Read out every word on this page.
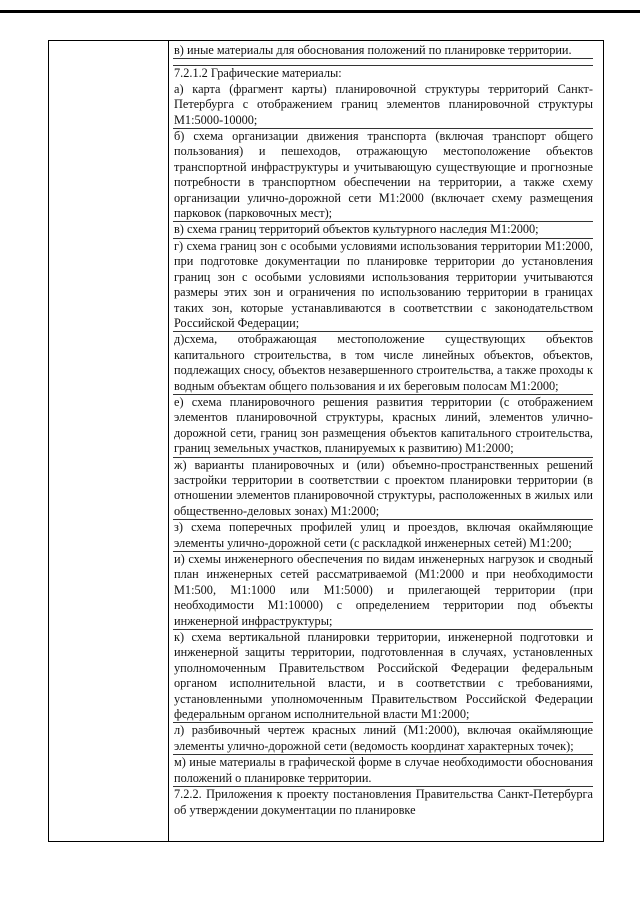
в) иные материалы для обоснования положений по планировке территории.

7.2.1.2 Графические материалы:

а) карта (фрагмент карты) планировочной структуры территорий Санкт-Петербурга с отображением границ элементов планировочной структуры М1:5000-10000;

б) схема организации движения транспорта (включая транспорт общего пользования) и пешеходов, отражающую местоположение объектов транспортной инфраструктуры и учитывающую существующие и прогнозные потребности в транспортном обеспечении на территории, а также схему организации улично-дорожной сети М1:2000 (включает схему размещения парковок (парковочных мест);

в) схема границ территорий объектов культурного наследия М1:2000;

г) схема границ зон с особыми условиями использования территории М1:2000, при подготовке документации по планировке территории до установления границ зон с особыми условиями использования территории учитываются размеры этих зон и ограничения по использованию территории в границах таких зон, которые устанавливаются в соответствии с законодательством Российской Федерации;

д)схема, отображающая местоположение существующих объектов капитального строительства, в том числе линейных объектов, объектов, подлежащих сносу, объектов незавершенного строительства, а также проходы к водным объектам общего пользования и их береговым полосам М1:2000;

е) схема планировочного решения развития территории (с отображением элементов планировочной структуры, красных линий, элементов улично-дорожной сети, границ зон размещения объектов капитального строительства, границ земельных участков, планируемых к развитию) М1:2000;

ж) варианты планировочных и (или) объемно-пространственных решений застройки территории в соответствии с проектом планировки территории (в отношении элементов планировочной структуры, расположенных в жилых или общественно-деловых зонах) М1:2000;

з) схема поперечных профилей улиц и проездов, включая окаймляющие элементы улично-дорожной сети (с раскладкой инженерных сетей) М1:200;

и) схемы инженерного обеспечения по видам инженерных нагрузок и сводный план инженерных сетей рассматриваемой (М1:2000 и при необходимости М1:500, М1:1000 или М1:5000) и прилегающей территории (при необходимости М1:10000) с определением территории под объекты инженерной инфраструктуры;

к) схема вертикальной планировки территории, инженерной подготовки и инженерной защиты территории, подготовленная в случаях, установленных уполномоченным Правительством Российской Федерации федеральным органом исполнительной власти, и в соответствии с требованиями, установленными уполномоченным Правительством Российской Федерации федеральным органом исполнительной власти М1:2000;

л) разбивочный чертеж красных линий (М1:2000), включая окаймляющие элементы улично-дорожной сети (ведомость координат характерных точек);

м) иные материалы в графической форме в случае необходимости обоснования положений о планировке территории.

7.2.2. Приложения к проекту постановления Правительства Санкт-Петербурга об утверждении документации по планировке
